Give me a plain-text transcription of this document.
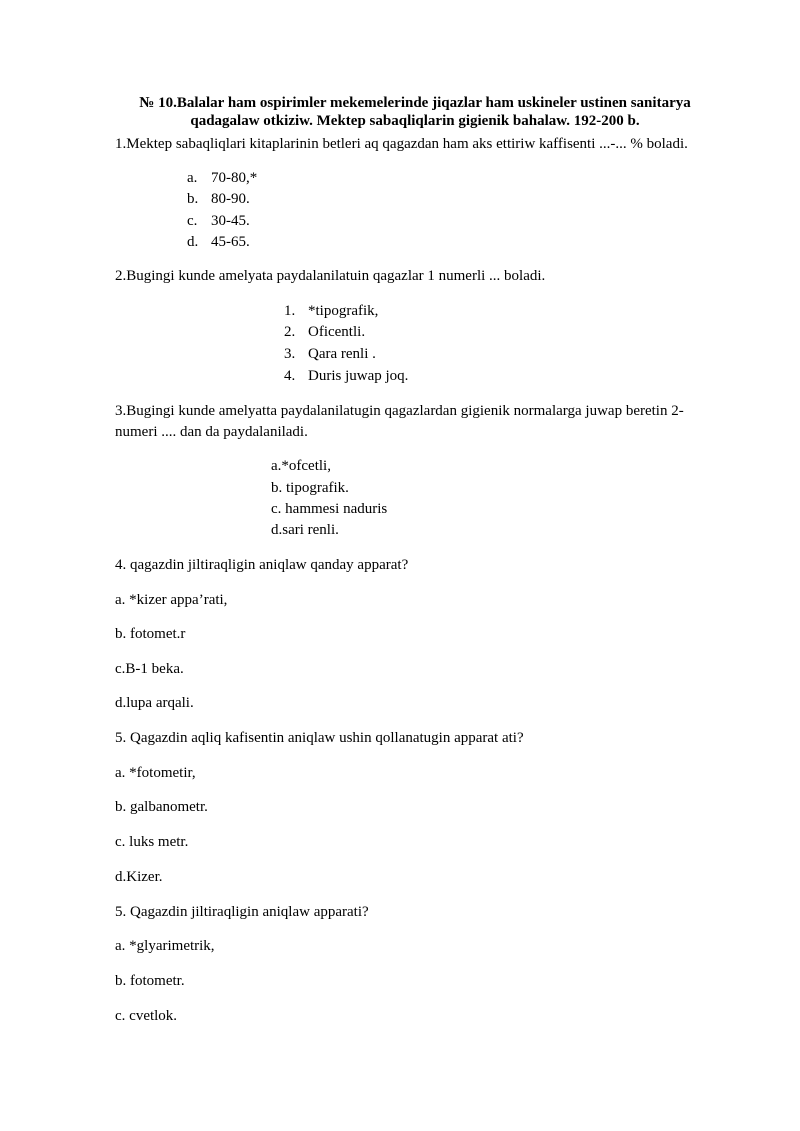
№ 10.Balalar ham ospirimler mekemelerinde jiqazlar ham uskineler ustinen sanitarya
qadagalaw otkiziw. Mektep sabaqliqlarin gigienik bahalaw. 192-200 b.
1.Mektep sabaqliqlari kitaplarinin betleri aq qagazdan ham aks ettiriw kaffisenti ...-... % boladi.
a. 70-80,*
b. 80-90.
c. 30-45.
d. 45-65.
2.Bugingi kunde amelyata paydalanilatuin qagazlar 1 numerli ... boladi.
1. *tipografik,
2. Oficentli.
3. Qara renli .
4. Duris juwap joq.
3.Bugingi kunde amelyatta paydalanilatugin qagazlardan gigienik normalarga juwap beretin 2-
numeri .... dan da paydalaniladi.
a.*ofcetli,
b. tipografik.
c. hammesi naduris
d.sari renli.
4. qagazdin jiltiraqligin aniqlaw qanday apparat?
a. *kizer appa’rati,
b. fotomet.r
c.B-1 beka.
d.lupa arqali.
5. Qagazdin aqliq kafisentin aniqlaw ushin qollanatugin apparat ati?
a. *fotometir,
b. galbanometr.
c. luks metr.
d.Kizer.
5. Qagazdin jiltiraqligin aniqlaw apparati?
a. *glyarimetrik,
b. fotometr.
c. cvetlok.
